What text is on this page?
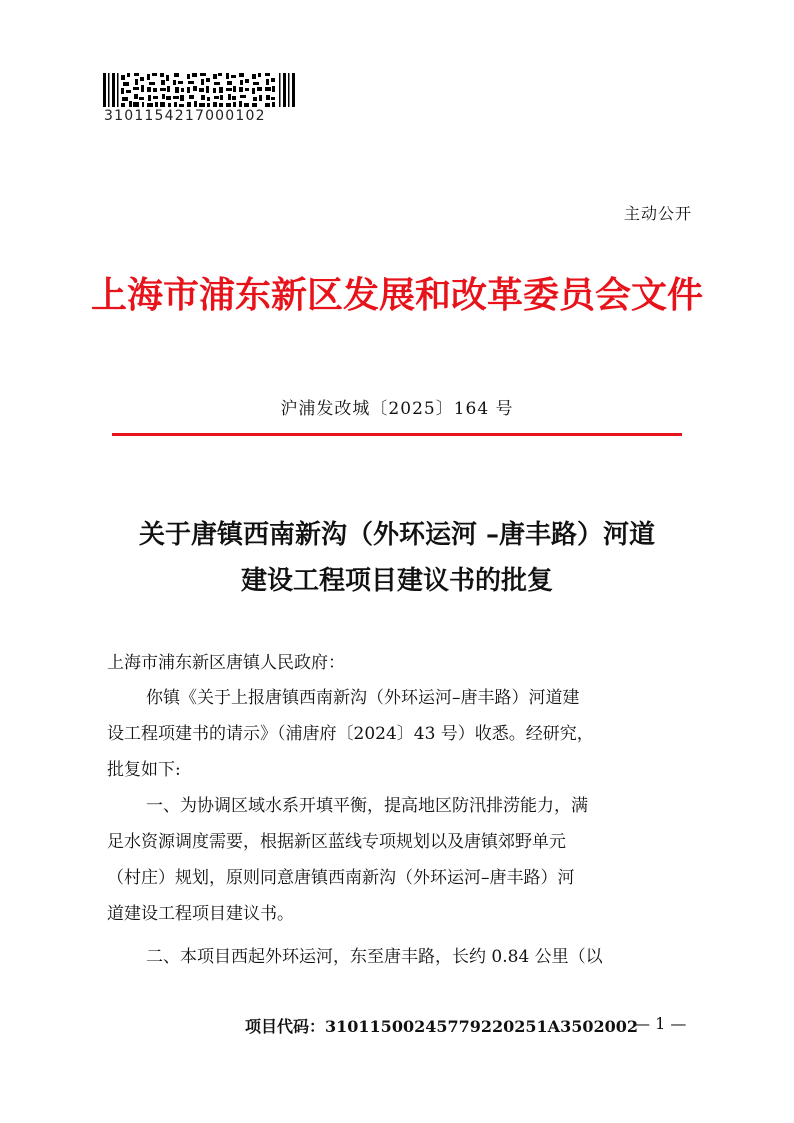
3101154217000102
主动公开
上海市浦东新区发展和改革委员会文件
沪浦发改城〔2025〕164 号
关于唐镇西南新沟（外环运河 –唐丰路）河道
建设工程项目建议书的批复
上海市浦东新区唐镇人民政府：
你镇《关于上报唐镇西南新沟（外环运河–唐丰路）河道建
设工程项建书的请示》（浦唐府〔2024〕43 号）收悉。经研究，
批复如下:
一、为协调区域水系开填平衡，提高地区防汛排涝能力，满
足水资源调度需要，根据新区蓝线专项规划以及唐镇郊野单元
（村庄）规划，原则同意唐镇西南新沟（外环运河–唐丰路）河
道建设工程项目建议书。
二、本项目西起外环运河，东至唐丰路，长约 0.84 公里（以
项目代码：31011500245779220251A3502002
— 1 —
